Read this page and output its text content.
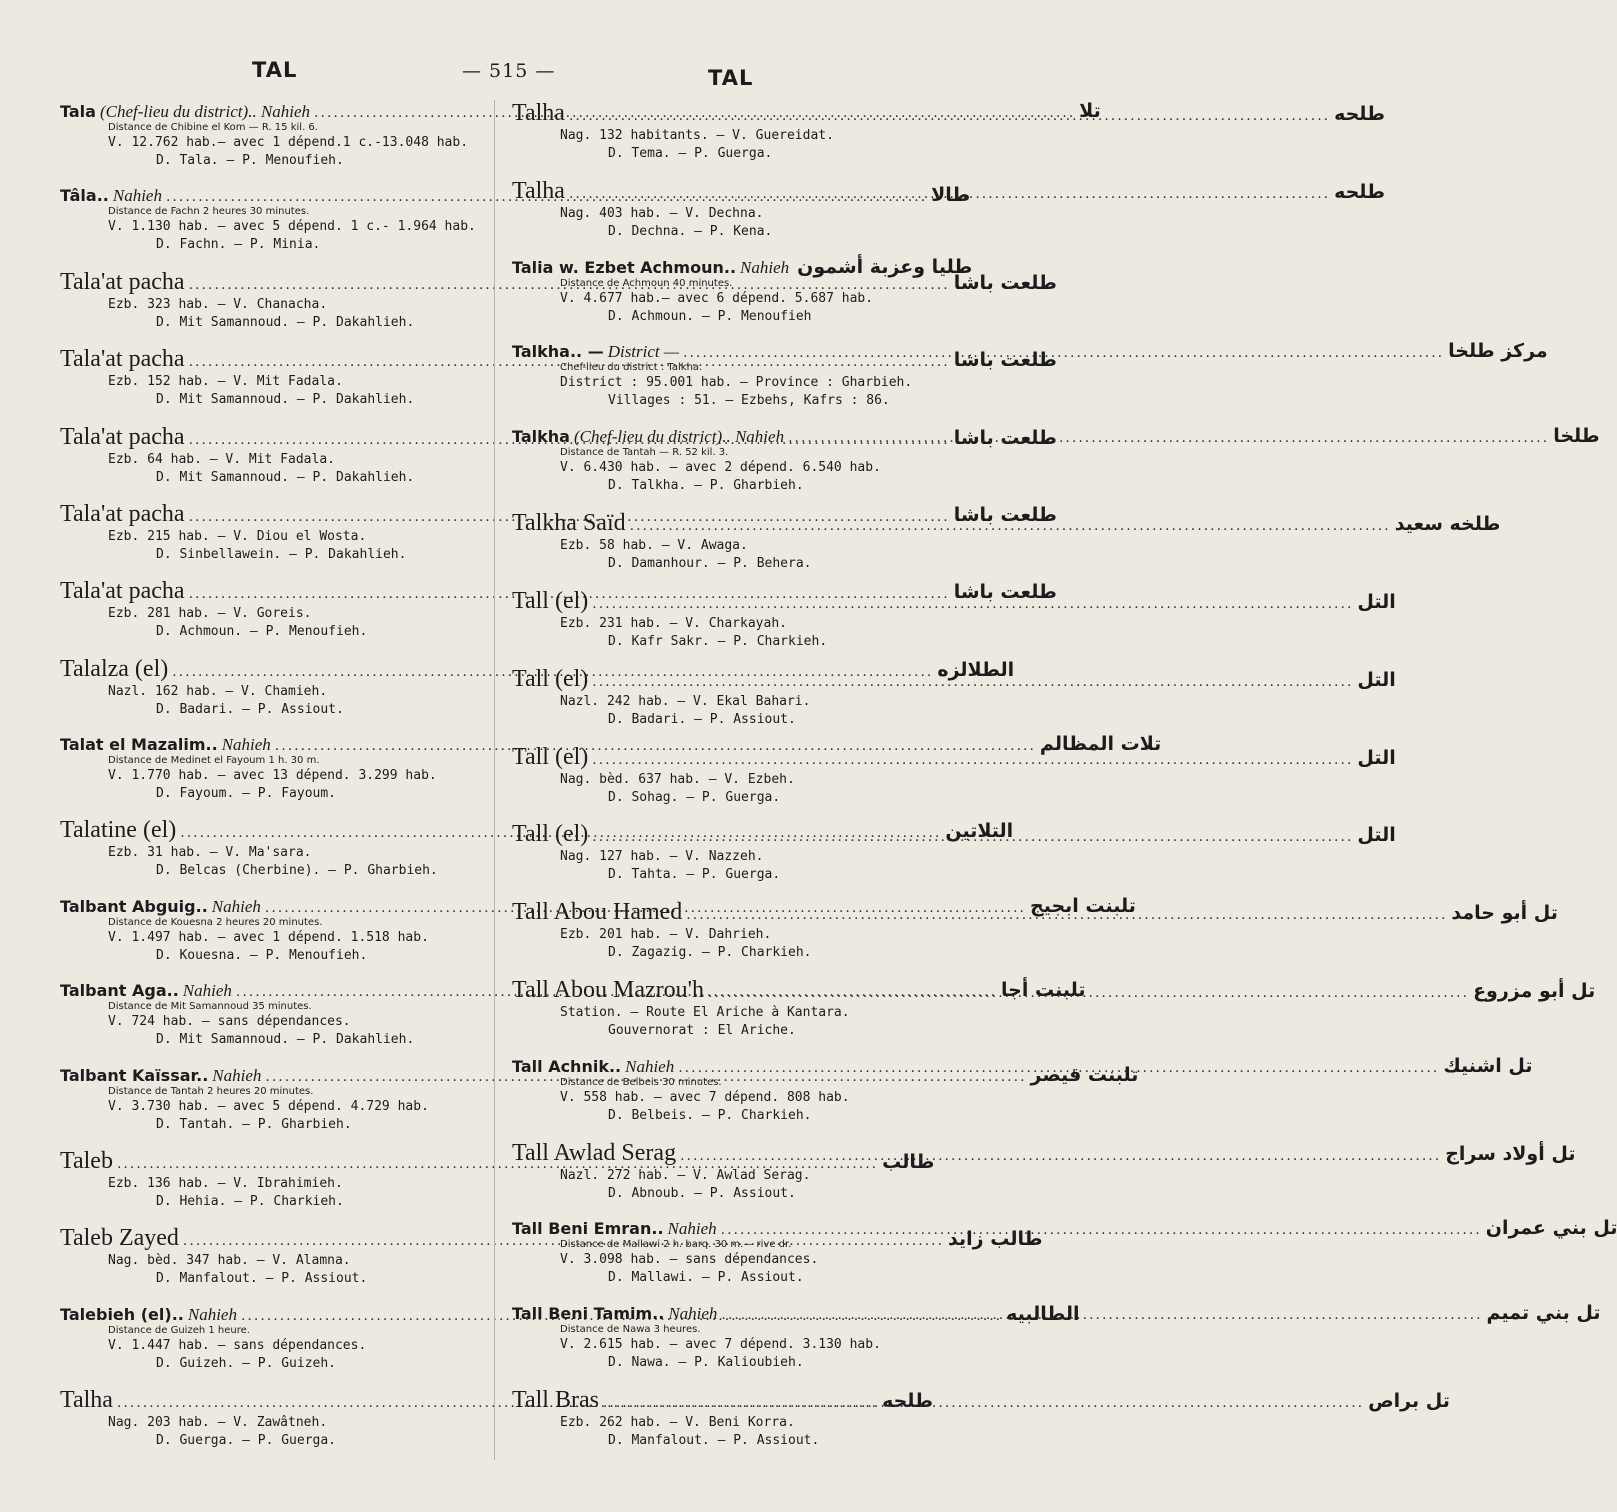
TAL	— 515 —	TAL
Tala (Chef-lieu du district).. Nahieh .....	تلا
Distance de Chibine el Kom — R. 15 kil. 6.
V. 12.762 hab.— avec 1 dépend.1 c.-13.048 hab.
D. Tala. — P. Menoufieh.
Tâla.. Nahieh .....	طالا
Distance de Fachn 2 heures 30 minutes.
V. 1.130 hab. — avec 5 dépend. 1 c.- 1.964 hab.
D. Fachn. — P. Minia.
Tala'at pacha .....	طلعت باشا
Ezb. 323 hab. — V. Chanacha.
D. Mit Samannoud. — P. Dakahlieh.
Tala'at pacha .....	طلعت باشا
Ezb. 152 hab. — V. Mit Fadala.
D. Mit Samannoud. — P. Dakahlieh.
Tala'at pacha .....	طلعت باشا
Ezb. 64 hab. — V. Mit Fadala.
D. Mit Samannoud. — P. Dakahlieh.
Tala'at pacha .....	طلعت باشا
Ezb. 215 hab. — V. Diou el Wosta.
D. Sinbellawein. — P. Dakahlieh.
Tala'at pacha .....	طلعت باشا
Ezb. 281 hab. — V. Goreis.
D. Achmoun. — P. Menoufieh.
Talalza (el) .....	الطلالزه
Nazl. 162 hab. — V. Chamieh.
D. Badari. — P. Assiout.
Talat el Mazalim.. Nahieh .....	تلات المظالم
Distance de Medinet el Fayoum 1 h. 30 m.
V. 1.770 hab. — avec 13 dépend. 3.299 hab.
D. Fayoum. — P. Fayoum.
Talatine (el) .....	التلاتين
Ezb. 31 hab. — V. Ma'sara.
D. Belcas (Cherbine). — P. Gharbieh.
Talbant Abguig.. Nahieh .....	تلبنت ابجيج
Distance de Kouesna 2 heures 20 minutes.
V. 1.497 hab. — avec 1 dépend. 1.518 hab.
D. Kouesna. — P. Menoufieh.
Talbant Aga.. Nahieh .....	تلبنت أجا
Distance de Mit Samannoud 35 minutes.
V. 724 hab. — sans dépendances.
D. Mit Samannoud. — P. Dakahlieh.
Talbant Kaïssar.. Nahieh .....	تلبنت قيصر
Distance de Tantah 2 heures 20 minutes.
V. 3.730 hab. — avec 5 dépend. 4.729 hab.
D. Tantah. — P. Gharbieh.
Taleb .....	طالب
Ezb. 136 hab. — V. Ibrahimieh.
D. Hehia. — P. Charkieh.
Taleb Zayed .....	طالب زايد
Nag. bèd. 347 hab. — V. Alamna.
D. Manfalout. — P. Assiout.
Talebieh (el).. Nahieh .....	الطالبيه
Distance de Guizeh 1 heure.
V. 1.447 hab. — sans dépendances.
D. Guizeh. — P. Guizeh.
Talha .....	طلحه
Nag. 203 hab. — V. Zawâtneh.
D. Guerga. — P. Guerga.
Talha .....	طلحه
Nag. 132 habitants. — V. Guereidat.
D. Tema. — P. Guerga.
Talha .....	طلحه
Nag. 403 hab. — V. Dechna.
D. Dechna. — P. Kena.
Talia w. Ezbet Achmoun.. Nahieh طليا وعزبة أشمون
Distance de Achmoun 40 minutes.
V. 4.677 hab.— avec 6 dépend. 5.687 hab.
D. Achmoun. — P. Menoufieh
Talkha.. — District — .....	مركز طلخا
Chef-lieu du district : Talkha.
District : 95.001 hab. — Province : Gharbieh.
Villages : 51. — Ezbehs, Kafrs : 86.
Talkha (Chef-lieu du district).. Nahieh .....	طلخا
Distance de Tantah — R. 52 kil. 3.
V. 6.430 hab. — avec 2 dépend. 6.540 hab.
D. Talkha. — P. Gharbieh.
Talkha Saïd .....	طلخه سعيد
Ezb. 58 hab. — V. Awaga.
D. Damanhour. — P. Behera.
Tall (el) .....	التل
Ezb. 231 hab. — V. Charkayah.
D. Kafr Sakr. — P. Charkieh.
Tall (el) .....	التل
Nazl. 242 hab. — V. Ekal Bahari.
D. Badari. — P. Assiout.
Tall (el) .....	التل
Nag. bèd. 637 hab. — V. Ezbeh.
D. Sohag. — P. Guerga.
Tall (el) .....	التل
Nag. 127 hab. — V. Nazzeh.
D. Tahta. — P. Guerga.
Tall Abou Hamed .....	تل أبو حامد
Ezb. 201 hab. — V. Dahrieh.
D. Zagazig. — P. Charkieh.
Tall Abou Mazrou'h .....	تل أبو مزروع
Station. — Route El Ariche à Kantara.
Gouvernorat : El Ariche.
Tall Achnik.. Nahieh .....	تل اشنيك
Distance de Belbeis 30 minutes.
V. 558 hab. — avec 7 dépend. 808 hab.
D. Belbeis. — P. Charkieh.
Tall Awlad Serag .....	تل أولاد سراج
Nazl. 272 hab. — V. Awlad Serag.
D. Abnoub. — P. Assiout.
Tall Beni Emran.. Nahieh .....	تل بني عمران
Distance de Mallawi 2 h. barq. 30 m.— rive dr.
V. 3.098 hab. — sans dépendances.
D. Mallawi. — P. Assiout.
Tall Beni Tamim.. Nahieh .....	تل بني تميم
Distance de Nawa 3 heures.
V. 2.615 hab. — avec 7 dépend. 3.130 hab.
D. Nawa. — P. Kalioubieh.
Tall Bras .....	تل براص
Ezb. 262 hab. — V. Beni Korra.
D. Manfalout. — P. Assiout.
